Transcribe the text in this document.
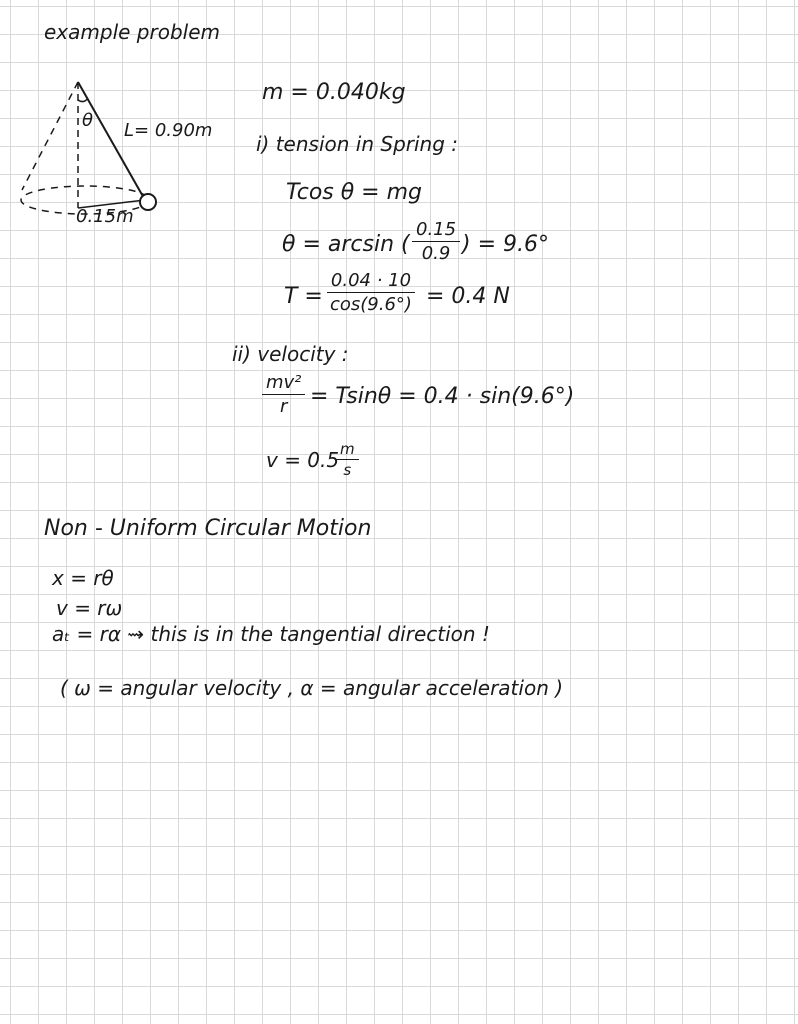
example problem
θ L= 0.90m
0.15m
m = 0.040kg
i) tension in Spring :
Tcos θ = mg
θ = arcsin ( $\frac{0.15}{0.9}$ ) = 9.6°
$T = \frac{0.04 \cdot 10}{\cos(9.6^\circ)} = 0.4$ N
ii) velocity :
$\frac{\text{mv²}}{r} = Tsin\theta = 0.4 \cdot \sin(9.6^\circ)$
v = 0.5
$\frac{m}{s}$
Non - Uniform Circular Motion
x = rθ
v = rω
aₜ = rα ⇝ this is in the tangential direction !
( ω = angular velocity , α = angular acceleration )
